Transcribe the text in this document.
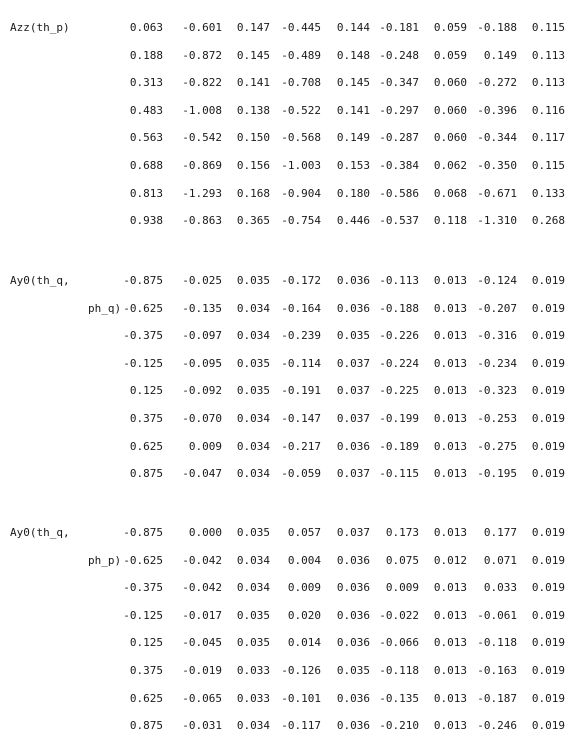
Azz(th_p)	0.063 -0.601 0.147 -0.445 0.144 -0.181 0.059 -0.188 0.115
0.188 -0.872 0.145 -0.489 0.148 -0.248 0.059 0.149 0.113
0.313 -0.822 0.141 -0.708 0.145 -0.347 0.060 -0.272 0.113
0.483 -1.008 0.138 -0.522 0.141 -0.297 0.060 -0.396 0.116
0.563 -0.542 0.150 -0.568 0.149 -0.287 0.060 -0.344 0.117
0.688 -0.869 0.156 -1.003 0.153 -0.384 0.062 -0.350 0.115
0.813 -1.293 0.168 -0.904 0.180 -0.586 0.068 -0.671 0.133
0.938 -0.863 0.365 -0.754 0.446 -0.537 0.118 -1.310 0.268
Ay0(th_q,	-0.875 -0.025 0.035 -0.172 0.036 -0.113 0.013 -0.124 0.019
ph_q) -0.625 -0.135 0.034 -0.164 0.036 -0.188 0.013 -0.207 0.019
-0.375 -0.097 0.034 -0.239 0.035 -0.226 0.013 -0.316 0.019
-0.125 -0.095 0.035 -0.114 0.037 -0.224 0.013 -0.234 0.019
0.125 -0.092 0.035 -0.191 0.037 -0.225 0.013 -0.323 0.019
0.375 -0.070 0.034 -0.147 0.037 -0.199 0.013 -0.253 0.019
0.625 0.009 0.034 -0.217 0.036 -0.189 0.013 -0.275 0.019
0.875 -0.047 0.034 -0.059 0.037 -0.115 0.013 -0.195 0.019
Ay0(th_q,	-0.875 0.000 0.035 0.057 0.037 0.173 0.013 0.177 0.019
ph_p) -0.625 -0.042 0.034 0.004 0.036 0.075 0.012 0.071 0.019
-0.375 -0.042 0.034 0.009 0.036 0.009 0.013 0.033 0.019
-0.125 -0.017 0.035 0.020 0.036 -0.022 0.013 -0.061 0.019
0.125 -0.045 0.035 0.014 0.036 -0.066 0.013 -0.118 0.019
0.375 -0.019 0.033 -0.126 0.035 -0.118 0.013 -0.163 0.019
0.625 -0.065 0.033 -0.101 0.036 -0.135 0.013 -0.187 0.019
0.875 -0.031 0.034 -0.117 0.036 -0.210 0.013 -0.246 0.019
